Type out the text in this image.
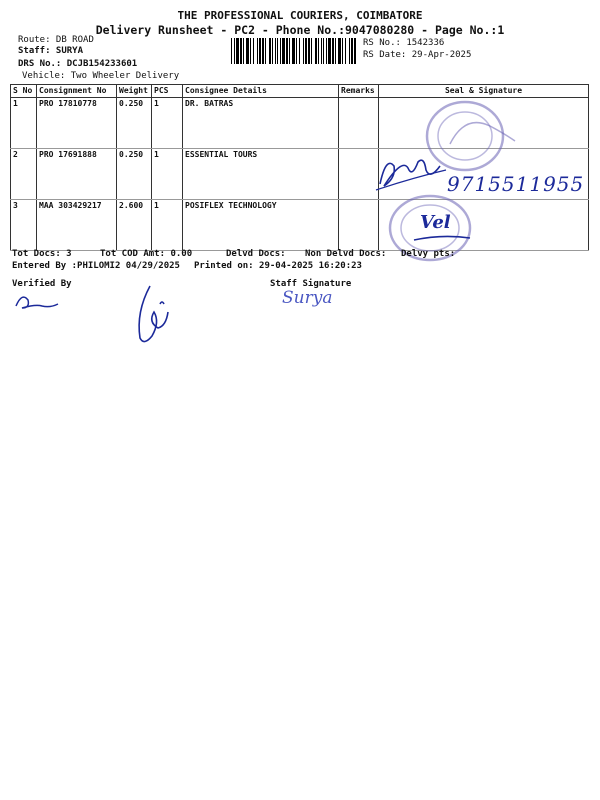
THE PROFESSIONAL COURIERS, COIMBATORE
Delivery Runsheet - PC2 - Phone No.:9047080280 - Page No.:1
Route: DB ROAD
Staff: SURYA
DRS No.: DCJB154233601
Vehicle: Two Wheeler Delivery
RS No.: 1542336
RS Date: 29-Apr-2025
S No	Consignment No	Weight	PCS	Consignee Details	Remarks	Seal & Signature
1	PRO 17810778	0.250	1	DR. BATRAS		
2	PRO 17691888	0.250	1	ESSENTIAL TOURS		
3	MAA 303429217	2.600	1	POSIFLEX TECHNOLOGY		
9715511955
Vel
Tot Docs: 3	Tot COD Amt: 0.00	Delvd Docs: Non Delvd Docs: Delvy pts:
Entered By :PHILOMI2 04/29/2025 Printed on: 29-04-2025 16:20:23
Verified By	Staff Signature
Surya
